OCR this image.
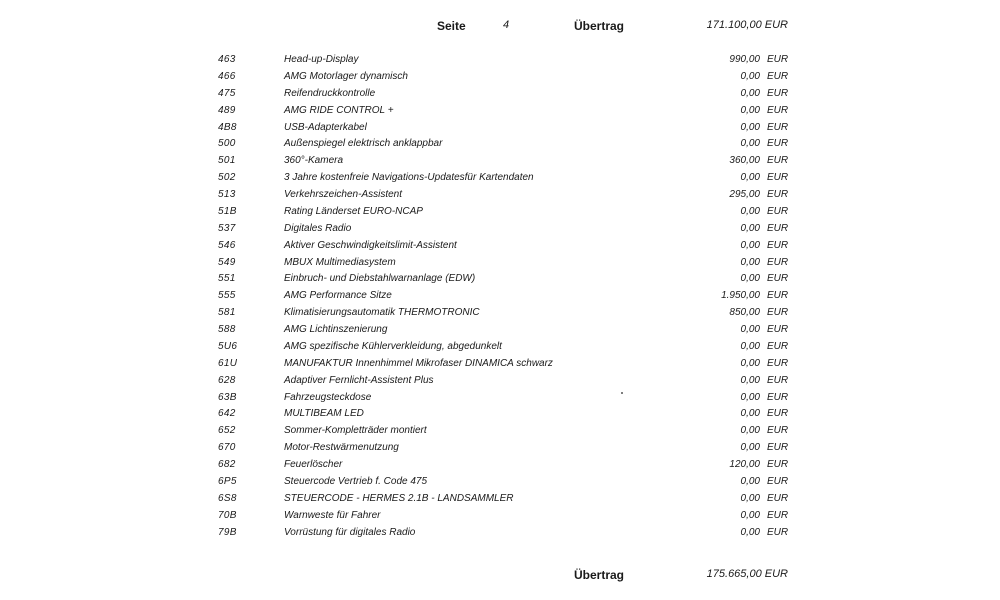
Seite	4	Übertrag	171.100,00 EUR
463	Head-up-Display	990,00 EUR
466	AMG Motorlager dynamisch	0,00 EUR
475	Reifendruckkontrolle	0,00 EUR
489	AMG RIDE CONTROL +	0,00 EUR
4B8	USB-Adapterkabel	0,00 EUR
500	Außenspiegel elektrisch anklappbar	0,00 EUR
501	360°-Kamera	360,00 EUR
502	3 Jahre kostenfreie Navigations-Updatesfür Kartendaten	0,00 EUR
513	Verkehrszeichen-Assistent	295,00 EUR
51B	Rating Länderset EURO-NCAP	0,00 EUR
537	Digitales Radio	0,00 EUR
546	Aktiver Geschwindigkeitslimit-Assistent	0,00 EUR
549	MBUX Multimediasystem	0,00 EUR
551	Einbruch- und Diebstahlwarnanlage (EDW)	0,00 EUR
555	AMG Performance Sitze	1.950,00 EUR
581	Klimatisierungsautomatik THERMOTRONIC	850,00 EUR
588	AMG Lichtinszenierung	0,00 EUR
5U6	AMG spezifische Kühlerverkleidung, abgedunkelt	0,00 EUR
61U	MANUFAKTUR Innenhimmel Mikrofaser DINAMICA schwarz	0,00 EUR
628	Adaptiver Fernlicht-Assistent Plus	0,00 EUR
63B	Fahrzeugsteckdose	0,00 EUR
642	MULTIBEAM LED	0,00 EUR
652	Sommer-Kompletträder montiert	0,00 EUR
670	Motor-Restwärmenutzung	0,00 EUR
682	Feuerlöscher	120,00 EUR
6P5	Steuercode Vertrieb f. Code 475	0,00 EUR
6S8	STEUERCODE - HERMES 2.1B - LANDSAMMLER	0,00 EUR
70B	Warnweste für Fahrer	0,00 EUR
79B	Vorrüstung für digitales Radio	0,00 EUR
Übertrag	175.665,00 EUR
